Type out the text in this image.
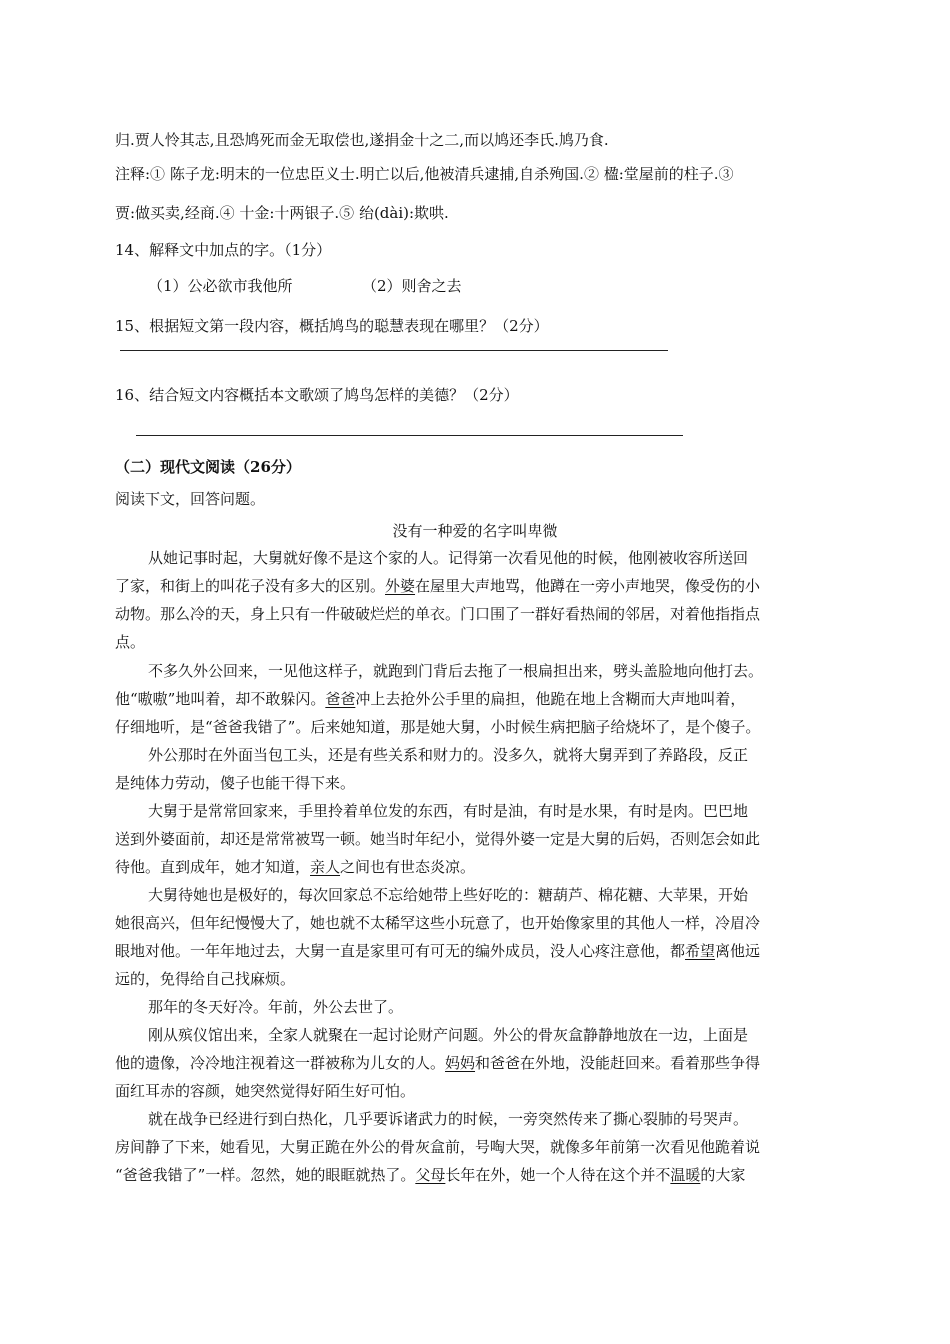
归.贾人怜其志,且恐鸠死而金无取偿也,遂捐金十之二,而以鸠还李氏.鸠乃食.
注释:① 陈子龙:明末的一位忠臣义士.明亡以后,他被清兵逮捕,自杀殉国.② 楹:堂屋前的柱子.③
贾:做买卖,经商.④ 十金:十两银子.⑤ 绐(dài):欺哄.
14、解释文中加点的字。（1分）
（1）公必欲市我他所	（2）则舍之去
15、根据短文第一段内容，概括鸠鸟的聪慧表现在哪里？（2分）
16、结合短文内容概括本文歌颂了鸠鸟怎样的美德？（2分）
（二）现代文阅读（26分）
阅读下文，回答问题。
没有一种爱的名字叫卑微
从她记事时起，大舅就好像不是这个家的人。记得第一次看见他的时候，他刚被收容所送回
了家，和街上的叫花子没有多大的区别。外婆在屋里大声地骂，他蹲在一旁小声地哭，像受伤的小
动物。那么冷的天，身上只有一件破破烂烂的单衣。门口围了一群好看热闹的邻居，对着他指指点
点。
不多久外公回来，一见他这样子，就跑到门背后去拖了一根扁担出来，劈头盖脸地向他打去。
他“嗷嗷”地叫着，却不敢躲闪。爸爸冲上去抢外公手里的扁担，他跪在地上含糊而大声地叫着，
仔细地听，是“爸爸我错了”。后来她知道，那是她大舅，小时候生病把脑子给烧坏了，是个傻子。
外公那时在外面当包工头，还是有些关系和财力的。没多久，就将大舅弄到了养路段，反正
是纯体力劳动，傻子也能干得下来。
大舅于是常常回家来，手里拎着单位发的东西，有时是油，有时是水果，有时是肉。巴巴地
送到外婆面前，却还是常常被骂一顿。她当时年纪小，觉得外婆一定是大舅的后妈，否则怎会如此
待他。直到成年，她才知道，亲人之间也有世态炎凉。
大舅待她也是极好的，每次回家总不忘给她带上些好吃的：糖葫芦、棉花糖、大苹果，开始
她很高兴，但年纪慢慢大了，她也就不太稀罕这些小玩意了，也开始像家里的其他人一样，冷眉冷
眼地对他。一年年地过去，大舅一直是家里可有可无的编外成员，没人心疼注意他，都希望离他远
远的，免得给自己找麻烦。
那年的冬天好冷。年前，外公去世了。
刚从殡仪馆出来，全家人就聚在一起讨论财产问题。外公的骨灰盒静静地放在一边，上面是
他的遗像，冷冷地注视着这一群被称为儿女的人。妈妈和爸爸在外地，没能赶回来。看着那些争得
面红耳赤的容颜，她突然觉得好陌生好可怕。
就在战争已经进行到白热化，几乎要诉诸武力的时候，一旁突然传来了撕心裂肺的号哭声。
房间静了下来，她看见，大舅正跪在外公的骨灰盒前，号啕大哭，就像多年前第一次看见他跪着说
“爸爸我错了”一样。忽然，她的眼眶就热了。父母长年在外，她一个人待在这个并不温暖的大家
